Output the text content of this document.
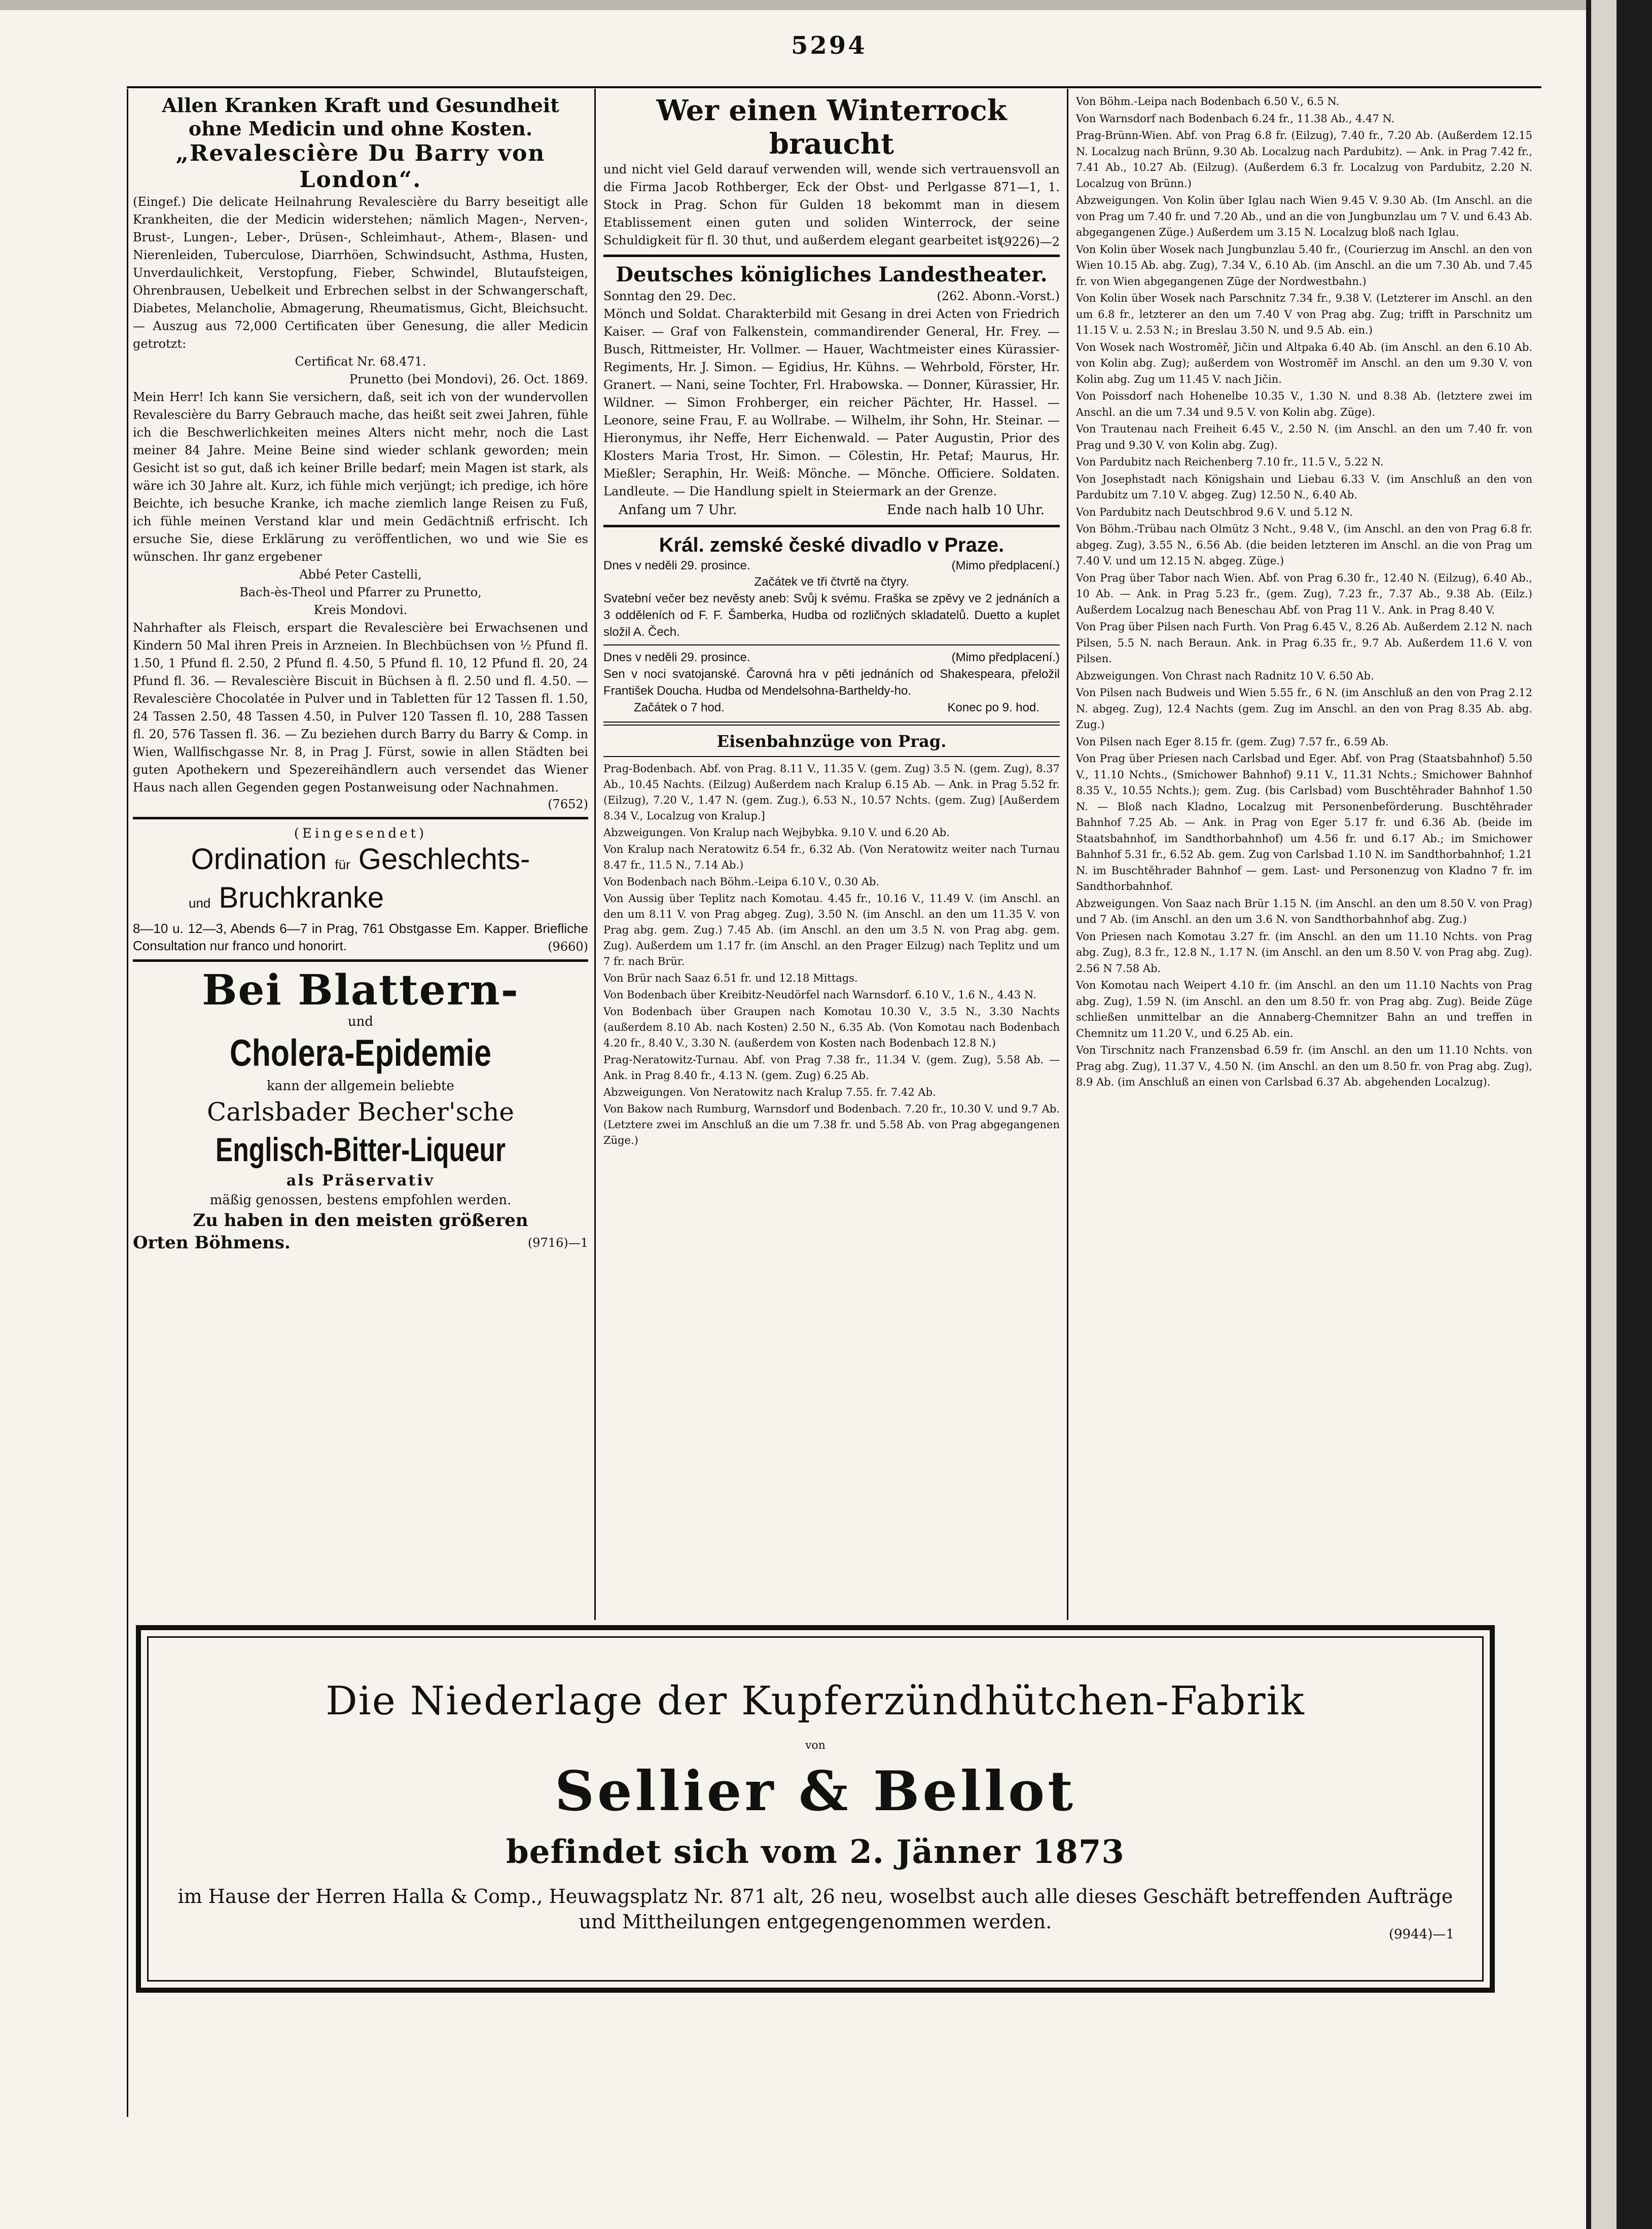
5294

Allen Kranken Kraft und Gesundheit ohne Medicin und ohne Kosten.

„Revalescière Du Barry von London“.

(Eingef.) Die delicate Heilnahrung Revalescière du Barry beseitigt alle Krankheiten, die der Medicin widerstehen; nämlich Magen-, Nerven-, Brust-, Lungen-, Leber-, Drüsen-, Schleimhaut-, Athem-, Blasen- und Nierenleiden, Tuberculose, Diarrhöen, Schwindsucht, Asthma, Husten, Unverdaulichkeit, Verstopfung, Fieber, Schwindel, Blutaufsteigen, Ohrenbrausen, Uebelkeit und Erbrechen selbst in der Schwangerschaft, Diabetes, Melancholie, Abmagerung, Rheumatismus, Gicht, Bleichsucht. — Auszug aus 72,000 Certificaten über Genesung, die aller Medicin getrotzt:

Certificat Nr. 68.471.

Prunetto (bei Mondovi), 26. Oct. 1869.

Mein Herr! Ich kann Sie versichern, daß, seit ich von der wundervollen Revalescière du Barry Gebrauch mache, das heißt seit zwei Jahren, fühle ich die Beschwerlichkeiten meines Alters nicht mehr, noch die Last meiner 84 Jahre. Meine Beine sind wieder schlank geworden; mein Gesicht ist so gut, daß ich keiner Brille bedarf; mein Magen ist stark, als wäre ich 30 Jahre alt. Kurz, ich fühle mich verjüngt; ich predige, ich höre Beichte, ich besuche Kranke, ich mache ziemlich lange Reisen zu Fuß, ich fühle meinen Verstand klar und mein Gedächtniß erfrischt. Ich ersuche Sie, diese Erklärung zu veröffentlichen, wo und wie Sie es wünschen. Ihr ganz ergebener

Abbé Peter Castelli,

Bach-ès-Theol und Pfarrer zu Prunetto,

Kreis Mondovi.

Nahrhafter als Fleisch, erspart die Revalescière bei Erwachsenen und Kindern 50 Mal ihren Preis in Arzneien. In Blechbüchsen von ½ Pfund fl. 1.50, 1 Pfund fl. 2.50, 2 Pfund fl. 4.50, 5 Pfund fl. 10, 12 Pfund fl. 20, 24 Pfund fl. 36. — Revalescière Biscuit in Büchsen à fl. 2.50 und fl. 4.50. — Revalescière Chocolatée in Pulver und in Tabletten für 12 Tassen fl. 1.50, 24 Tassen 2.50, 48 Tassen 4.50, in Pulver 120 Tassen fl. 10, 288 Tassen fl. 20, 576 Tassen fl. 36. — Zu beziehen durch Barry du Barry & Comp. in Wien, Wallfischgasse Nr. 8, in Prag J. Fürst, sowie in allen Städten bei guten Apothekern und Spezereihändlern auch versendet das Wiener Haus nach allen Gegenden gegen Postanweisung oder Nachnahmen.

(7652)

(Eingesendet)

Ordination für Geschlechts-

und Bruchkranke

8—10 u. 12—3, Abends 6—7 in Prag, 761 Obstgasse Em. Kapper. Briefliche Consultation nur franco und honorirt.	(9660)

Bei Blattern-

und

Cholera-Epidemie

kann der allgemein beliebte

Carlsbader Becher'sche

Englisch-Bitter-Liqueur

als Präservativ

mäßig genossen, bestens empfohlen werden.

Zu haben in den meisten größeren

Orten Böhmens.	(9716)—1

Wer einen Winterrock braucht

und nicht viel Geld darauf verwenden will, wende sich vertrauensvoll an die Firma Jacob Rothberger, Eck der Obst- und Perlgasse 871—1, 1. Stock in Prag. Schon für Gulden 18 bekommt man in diesem Etablissement einen guten und soliden Winterrock, der seine Schuldigkeit für fl. 30 thut, und außerdem elegant gearbeitet ist.

(9226)—2

Deutsches königliches Landestheater.

Sonntag den 29. Dec.	(262. Abonn.-Vorst.)

Mönch und Soldat. Charakterbild mit Gesang in drei Acten von Friedrich Kaiser. — Graf von Falkenstein, commandirender General, Hr. Frey. — Busch, Rittmeister, Hr. Vollmer. — Hauer, Wachtmeister eines Kürassier-Regiments, Hr. J. Simon. — Egidius, Hr. Kühns. — Wehrbold, Förster, Hr. Granert. — Nani, seine Tochter, Frl. Hrabowska. — Donner, Kürassier, Hr. Wildner. — Simon Frohberger, ein reicher Pächter, Hr. Hassel. — Leonore, seine Frau, F. au Wollrabe. — Wilhelm, ihr Sohn, Hr. Steinar. — Hieronymus, ihr Neffe, Herr Eichenwald. — Pater Augustin, Prior des Klosters Maria Trost, Hr. Simon. — Cölestin, Hr. Petaf; Maurus, Hr. Mießler; Seraphin, Hr. Weiß: Mönche. — Mönche. Officiere. Soldaten. Landleute. — Die Handlung spielt in Steiermark an der Grenze.

Anfang um 7 Uhr.	Ende nach halb 10 Uhr.

Král. zemské české divadlo v Praze.

Dnes v neděli 29. prosince.	(Mimo předplacení.)

Začátek ve tři čtvrtě na čtyry.

Svatební večer bez nevěsty aneb: Svůj k svému. Fraška se zpěvy ve 2 jednáních a 3 odděleních od F. F. Šamberka, Hudba od rozličných skladatelů. Duetto a kuplet složil A. Čech.

Dnes v neděli 29. prosince.	(Mimo předplacení.)

Sen v noci svatojanské. Čarovná hra v pěti jednáních od Shakespeara, přeložil František Doucha. Hudba od Mendelsohna-Bartheldy-ho.

Začátek o 7 hod.	Konec po 9. hod.

Eisenbahnzüge von Prag.

Prag-Bodenbach. Abf. von Prag. 8.11 V., 11.35 V. (gem. Zug) 3.5 N. (gem. Zug), 8.37 Ab., 10.45 Nachts. (Eilzug) Außerdem nach Kralup 6.15 Ab. — Ank. in Prag 5.52 fr. (Eilzug), 7.20 V., 1.47 N. (gem. Zug.), 6.53 N., 10.57 Nchts. (gem. Zug) [Außerdem 8.34 V., Localzug von Kralup.]

Abzweigungen. Von Kralup nach Wejbybka. 9.10 V. und 6.20 Ab.

Von Kralup nach Neratowitz 6.54 fr., 6.32 Ab. (Von Neratowitz weiter nach Turnau 8.47 fr., 11.5 N., 7.14 Ab.)

Von Bodenbach nach Böhm.-Leipa 6.10 V., 0.30 Ab.

Von Aussig über Teplitz nach Komotau. 4.45 fr., 10.16 V., 11.49 V. (im Anschl. an den um 8.11 V. von Prag abgeg. Zug), 3.50 N. (im Anschl. an den um 11.35 V. von Prag abg. gem. Zug.) 7.45 Ab. (im Anschl. an den um 3.5 N. von Prag abg. gem. Zug). Außerdem um 1.17 fr. (im Anschl. an den Prager Eilzug) nach Teplitz und um 7 fr. nach Brür.

Von Brür nach Saaz 6.51 fr. und 12.18 Mittags.

Von Bodenbach über Kreibitz-Neudörfel nach Warnsdorf. 6.10 V., 1.6 N., 4.43 N.

Von Bodenbach über Graupen nach Komotau 10.30 V., 3.5 N., 3.30 Nachts (außerdem 8.10 Ab. nach Kosten) 2.50 N., 6.35 Ab. (Von Komotau nach Bodenbach 4.20 fr., 8.40 V., 3.30 N. (außerdem von Kosten nach Bodenbach 12.8 N.)

Prag-Neratowitz-Turnau. Abf. von Prag 7.38 fr., 11.34 V. (gem. Zug), 5.58 Ab. — Ank. in Prag 8.40 fr., 4.13 N. (gem. Zug) 6.25 Ab.

Abzweigungen. Von Neratowitz nach Kralup 7.55. fr. 7.42 Ab.

Von Bakow nach Rumburg, Warnsdorf und Bodenbach. 7.20 fr., 10.30 V. und 9.7 Ab. (Letztere zwei im Anschluß an die um 7.38 fr. und 5.58 Ab. von Prag abgegangenen Züge.)

Von Böhm.-Leipa nach Bodenbach 6.50 V., 6.5 N.

Von Warnsdorf nach Bodenbach 6.24 fr., 11.38 Ab., 4.47 N.

Prag-Brünn-Wien. Abf. von Prag 6.8 fr. (Eilzug), 7.40 fr., 7.20 Ab. (Außerdem 12.15 N. Localzug nach Brünn, 9.30 Ab. Localzug nach Pardubitz). — Ank. in Prag 7.42 fr., 7.41 Ab., 10.27 Ab. (Eilzug). (Außerdem 6.3 fr. Localzug von Pardubitz, 2.20 N. Localzug von Brünn.)

Abzweigungen. Von Kolin über Iglau nach Wien 9.45 V. 9.30 Ab. (Im Anschl. an die von Prag um 7.40 fr. und 7.20 Ab., und an die von Jungbunzlau um 7 V. und 6.43 Ab. abgegangenen Züge.) Außerdem um 3.15 N. Localzug bloß nach Iglau.

Von Kolin über Wosek nach Jungbunzlau 5.40 fr., (Courierzug im Anschl. an den von Wien 10.15 Ab. abg. Zug), 7.34 V., 6.10 Ab. (im Anschl. an die um 7.30 Ab. und 7.45 fr. von Wien abgegangenen Züge der Nordwestbahn.)

Von Kolin über Wosek nach Parschnitz 7.34 fr., 9.38 V. (Letzterer im Anschl. an den um 6.8 fr., letzterer an den um 7.40 V von Prag abg. Zug; trifft in Parschnitz um 11.15 V. u. 2.53 N.; in Breslau 3.50 N. und 9.5 Ab. ein.)

Von Wosek nach Wostromĕř, Jičin und Altpaka 6.40 Ab. (im Anschl. an den 6.10 Ab. von Kolin abg. Zug); außerdem von Wostromĕř im Anschl. an den um 9.30 V. von Kolin abg. Zug um 11.45 V. nach Jičin.

Von Poissdorf nach Hohenelbe 10.35 V., 1.30 N. und 8.38 Ab. (letztere zwei im Anschl. an die um 7.34 und 9.5 V. von Kolin abg. Züge).

Von Trautenau nach Freiheit 6.45 V., 2.50 N. (im Anschl. an den um 7.40 fr. von Prag und 9.30 V. von Kolin abg. Zug).

Von Pardubitz nach Reichenberg 7.10 fr., 11.5 V., 5.22 N.

Von Josephstadt nach Königshain und Liebau 6.33 V. (im Anschluß an den von Pardubitz um 7.10 V. abgeg. Zug) 12.50 N., 6.40 Ab.

Von Pardubitz nach Deutschbrod 9.6 V. und 5.12 N.

Von Böhm.-Trübau nach Olmütz 3 Ncht., 9.48 V., (im Anschl. an den von Prag 6.8 fr. abgeg. Zug), 3.55 N., 6.56 Ab. (die beiden letzteren im Anschl. an die von Prag um 7.40 V. und um 12.15 N. abgeg. Züge.)

Von Prag über Tabor nach Wien. Abf. von Prag 6.30 fr., 12.40 N. (Eilzug), 6.40 Ab., 10 Ab. — Ank. in Prag 5.23 fr., (gem. Zug), 7.23 fr., 7.37 Ab., 9.38 Ab. (Eilz.) Außerdem Localzug nach Beneschau Abf. von Prag 11 V.. Ank. in Prag 8.40 V.

Von Prag über Pilsen nach Furth. Von Prag 6.45 V., 8.26 Ab. Außerdem 2.12 N. nach Pilsen, 5.5 N. nach Beraun. Ank. in Prag 6.35 fr., 9.7 Ab. Außerdem 11.6 V. von Pilsen.

Abzweigungen. Von Chrast nach Radnitz 10 V. 6.50 Ab.

Von Pilsen nach Budweis und Wien 5.55 fr., 6 N. (im Anschluß an den von Prag 2.12 N. abgeg. Zug), 12.4 Nachts (gem. Zug im Anschl. an den von Prag 8.35 Ab. abg. Zug.)

Von Pilsen nach Eger 8.15 fr. (gem. Zug) 7.57 fr., 6.59 Ab.

Von Prag über Priesen nach Carlsbad und Eger. Abf. von Prag (Staatsbahnhof) 5.50 V., 11.10 Nchts., (Smichower Bahnhof) 9.11 V., 11.31 Nchts.; Smichower Bahnhof 8.35 V., 10.55 Nchts.); gem. Zug. (bis Carlsbad) vom Buschtěhrader Bahnhof 1.50 N. — Bloß nach Kladno, Localzug mit Personenbeförderung. Buschtěhrader Bahnhof 7.25 Ab. — Ank. in Prag von Eger 5.17 fr. und 6.36 Ab. (beide im Staatsbahnhof, im Sandthorbahnhof) um 4.56 fr. und 6.17 Ab.; im Smichower Bahnhof 5.31 fr., 6.52 Ab. gem. Zug von Carlsbad 1.10 N. im Sandthorbahnhof; 1.21 N. im Buschtěhrader Bahnhof — gem. Last- und Personenzug von Kladno 7 fr. im Sandthorbahnhof.

Abzweigungen. Von Saaz nach Brür 1.15 N. (im Anschl. an den um 8.50 V. von Prag) und 7 Ab. (im Anschl. an den um 3.6 N. von Sandthorbahnhof abg. Zug.)

Von Priesen nach Komotau 3.27 fr. (im Anschl. an den um 11.10 Nchts. von Prag abg. Zug), 8.3 fr., 12.8 N., 1.17 N. (im Anschl. an den um 8.50 V. von Prag abg. Zug). 2.56 N 7.58 Ab.

Von Komotau nach Weipert 4.10 fr. (im Anschl. an den um 11.10 Nachts von Prag abg. Zug), 1.59 N. (im Anschl. an den um 8.50 fr. von Prag abg. Zug). Beide Züge schließen unmittelbar an die Annaberg-Chemnitzer Bahn an und treffen in Chemnitz um 11.20 V., und 6.25 Ab. ein.

Von Tirschnitz nach Franzensbad 6.59 fr. (im Anschl. an den um 11.10 Nchts. von Prag abg. Zug), 11.37 V., 4.50 N. (im Anschl. an den um 8.50 fr. von Prag abg. Zug), 8.9 Ab. (im Anschluß an einen von Carlsbad 6.37 Ab. abgehenden Localzug).

Die Niederlage der Kupferzündhütchen-Fabrik
von
Sellier & Bellot
befindet sich vom 2. Jänner 1873
im Hause der Herren Halla & Comp., Heuwagsplatz Nr. 871 alt, 26 neu, woselbst auch alle dieses Geschäft betreffenden Aufträge und Mittheilungen entgegengenommen werden.
(9944)—1
